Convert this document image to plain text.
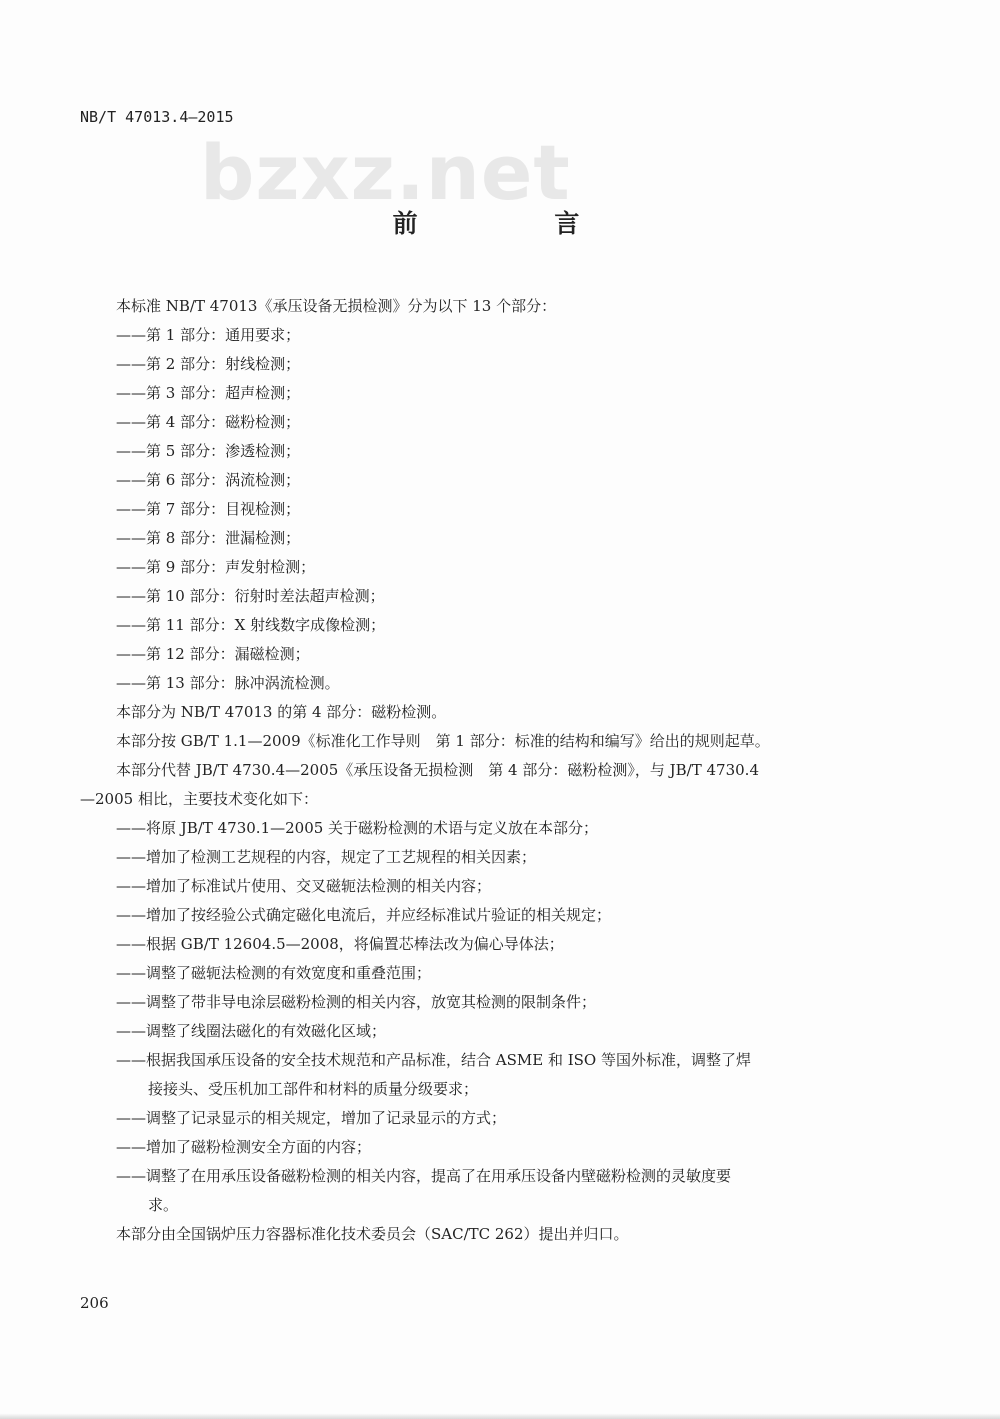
NB/T 47013.4—2015
bzxz.net
前 言

本标准 NB/T 47013《承压设备无损检测》分为以下 13 个部分：

——第 1 部分：通用要求；

——第 2 部分：射线检测；

——第 3 部分：超声检测；

——第 4 部分：磁粉检测；

——第 5 部分：渗透检测；

——第 6 部分：涡流检测；

——第 7 部分：目视检测；

——第 8 部分：泄漏检测；

——第 9 部分：声发射检测；

——第 10 部分：衍射时差法超声检测；

——第 11 部分：X 射线数字成像检测；

——第 12 部分：漏磁检测；

——第 13 部分：脉冲涡流检测。

本部分为 NB/T 47013 的第 4 部分：磁粉检测。

本部分按 GB/T 1.1—2009《标准化工作导则　第 1 部分：标准的结构和编写》给出的规则起草。

本部分代替 JB/T 4730.4—2005《承压设备无损检测　第 4 部分：磁粉检测》，与 JB/T 4730.4

—2005 相比，主要技术变化如下：

——将原 JB/T 4730.1—2005 关于磁粉检测的术语与定义放在本部分；

——增加了检测工艺规程的内容，规定了工艺规程的相关因素；

——增加了标准试片使用、交叉磁轭法检测的相关内容；

——增加了按经验公式确定磁化电流后，并应经标准试片验证的相关规定；

——根据 GB/T 12604.5—2008，将偏置芯棒法改为偏心导体法；

——调整了磁轭法检测的有效宽度和重叠范围；

——调整了带非导电涂层磁粉检测的相关内容，放宽其检测的限制条件；

——调整了线圈法磁化的有效磁化区域；

——根据我国承压设备的安全技术规范和产品标准，结合 ASME 和 ISO 等国外标准，调整了焊

接接头、受压机加工部件和材料的质量分级要求；

——调整了记录显示的相关规定，增加了记录显示的方式；

——增加了磁粉检测安全方面的内容；

——调整了在用承压设备磁粉检测的相关内容，提高了在用承压设备内壁磁粉检测的灵敏度要

求。

本部分由全国锅炉压力容器标准化技术委员会（SAC/TC 262）提出并归口。

206
